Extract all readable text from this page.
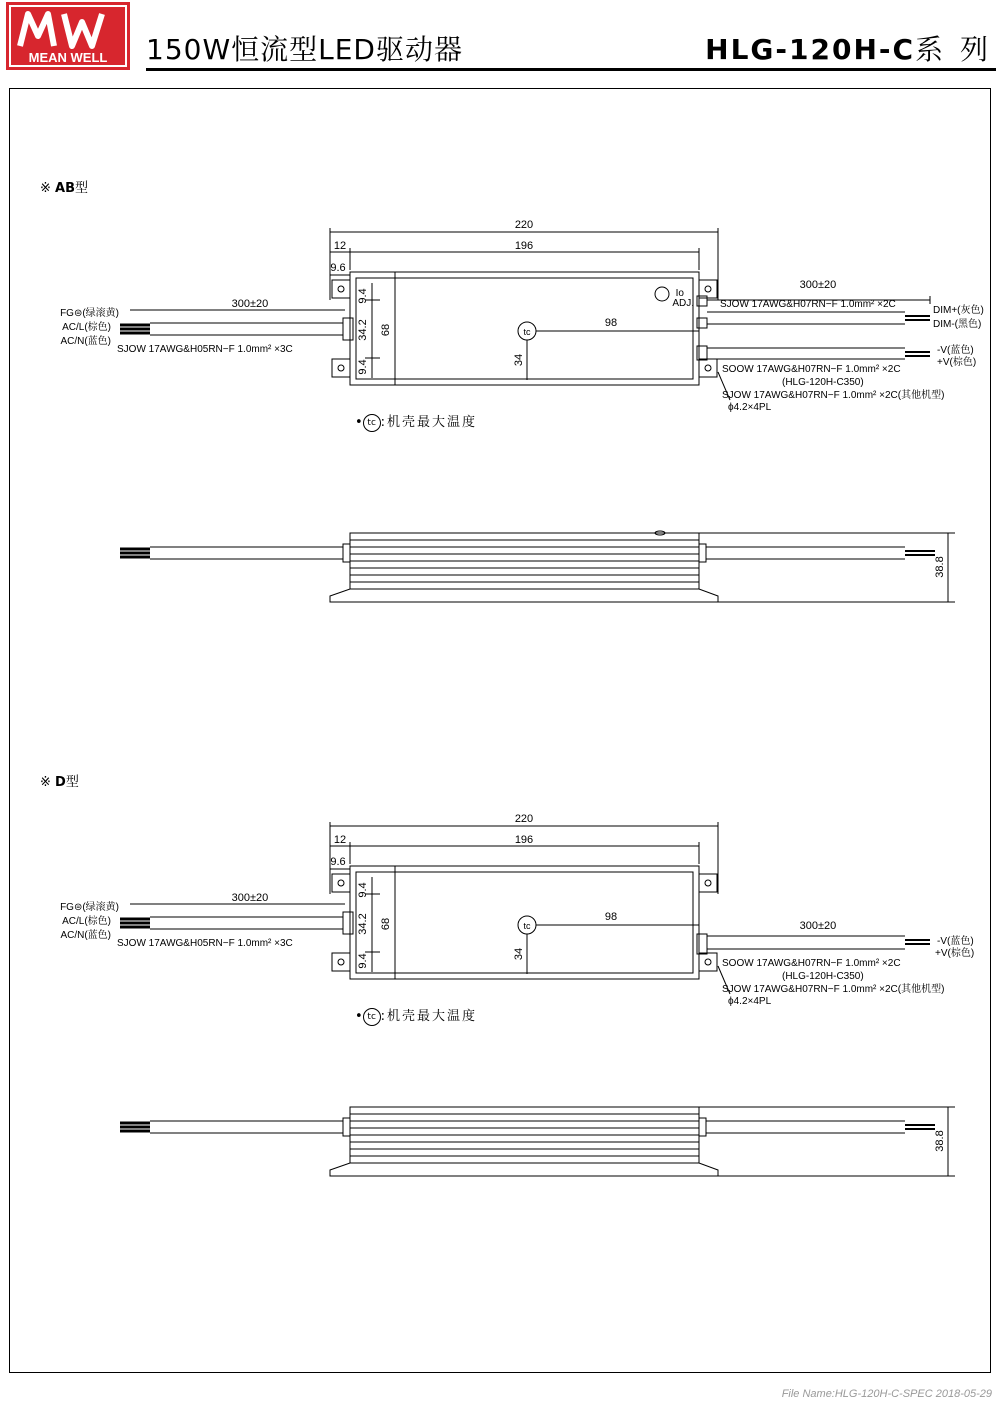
MEAN WELL 150W恒流型LED驱动器	HLG-120H-C系 列
※ AB型
220
196
12
9.6
300±20
300±20
98
9.4
34.2 68
9.4	34
tc
Io
ADJ.
FG⊜(绿滚黄)
AC/L(棕色)
AC/N(蓝色)
SJOW 17AWG&H05RN−F 1.0mm² ×3C
SJOW 17AWG&H07RN−F 1.0mm² ×2C
DIM+(灰色)
DIM-(黑色)
-V(蓝色)
+V(棕色)
SOOW 17AWG&H07RN−F 1.0mm² ×2C
(HLG-120H-C350)
SJOW 17AWG&H07RN−F 1.0mm² ×2C(其他机型)
ϕ4.2×4PL
38.8
• tc :机壳最大温度
※ D型
220
196
12
9.6
300±20
300±20
98
9.4
34.2 68
9.4	34
tc
FG⊜(绿滚黄)
AC/L(棕色)
AC/N(蓝色)
SJOW 17AWG&H05RN−F 1.0mm² ×3C	-V(蓝色)
+V(棕色)
SOOW 17AWG&H07RN−F 1.0mm² ×2C
(HLG-120H-C350)
SJOW 17AWG&H07RN−F 1.0mm² ×2C(其他机型)
ϕ4.2×4PL
38.8
• tc :机壳最大温度
File Name:HLG-120H-C-SPEC 2018-05-29
